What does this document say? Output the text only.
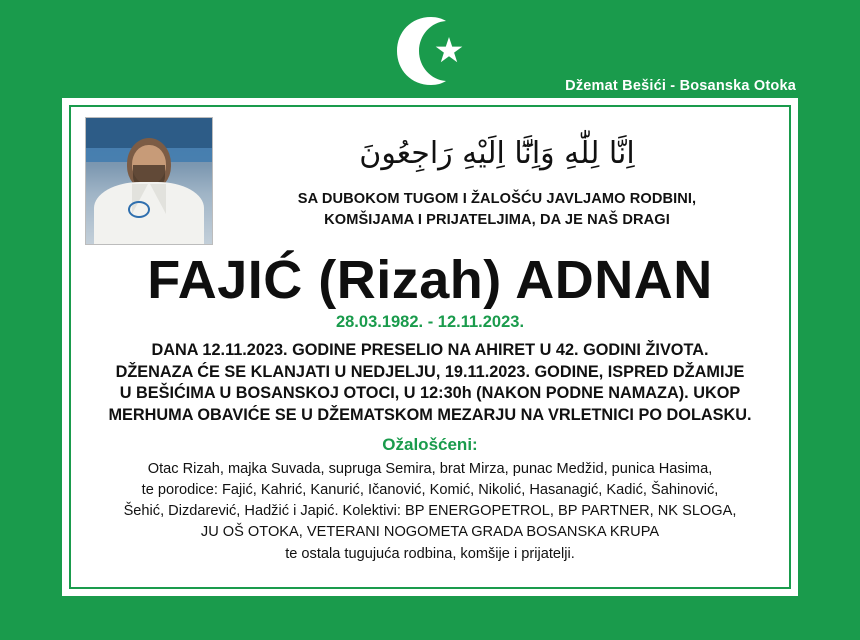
Džemat Bešići - Bosanska Otoka
اِنَّا لِلّٰهِ وَاِنَّٓا اِلَيْهِ رَاجِعُونَ
SA DUBOKOM TUGOM I ŽALOŠĆU JAVLJAMO RODBINI,
KOMŠIJAMA I PRIJATELJIMA, DA JE NAŠ DRAGI
FAJIĆ (Rizah) ADNAN
28.03.1982. - 12.11.2023.
DANA 12.11.2023. GODINE PRESELIO NA AHIRET U 42. GODINI ŽIVOTA.
DŽENAZA ĆE SE KLANJATI U NEDJELJU, 19.11.2023. GODINE, ISPRED DŽAMIJE
U BEŠIĆIMA U BOSANSKOJ OTOCI, U 12:30h (NAKON PODNE NAMAZA). UKOP
MERHUMA OBAVIĆE SE U DŽEMATSKOM MEZARJU NA VRLETNICI PO DOLASKU.
Ožalošćeni:
Otac Rizah, majka Suvada, supruga Semira, brat Mirza, punac Medžid, punica Hasima,
te porodice: Fajić, Kahrić, Kanurić, Ičanović, Komić, Nikolić, Hasanagić, Kadić, Šahinović,
Šehić, Dizdarević, Hadžić i Japić. Kolektivi: BP ENERGOPETROL, BP PARTNER, NK SLOGA,
JU OŠ OTOKA, VETERANI NOGOMETA GRADA BOSANSKA KRUPA
te ostala tugujuća rodbina, komšije i prijatelji.
